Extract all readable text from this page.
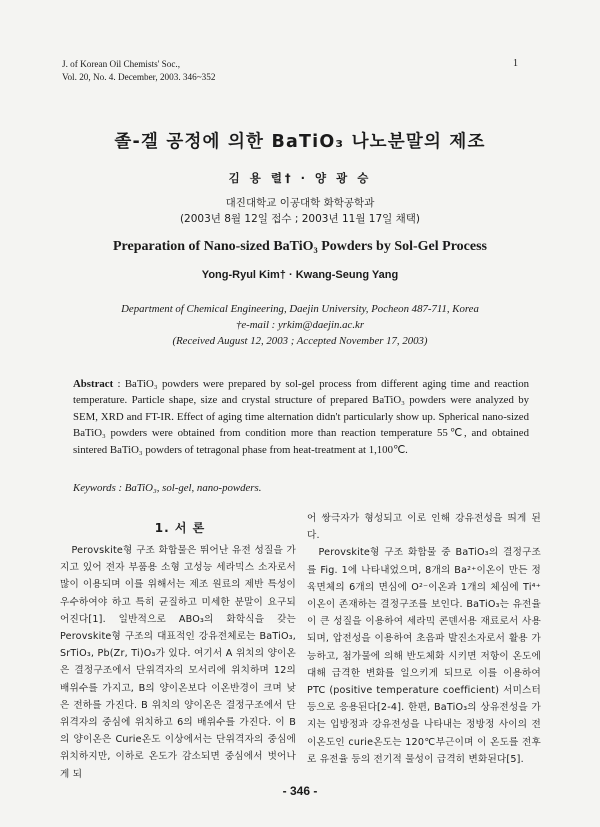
J. of Korean Oil Chemists' Soc.,
Vol. 20, No. 4. December, 2003. 346~352
1
졸-겔 공정에 의한 BaTiO₃ 나노분말의 제조
김 용 렬† · 양 광 승
대진대학교 이공대학 화학공학과
(2003년 8월 12일 접수 ; 2003년 11월 17일 채택)
Preparation of Nano-sized BaTiO₃ Powders by Sol-Gel Process
Yong-Ryul Kim† · Kwang-Seung Yang
Department of Chemical Engineering, Daejin University, Pocheon 487-711, Korea
†e-mail : yrkim@daejin.ac.kr
(Received August 12, 2003 ; Accepted November 17, 2003)
Abstract : BaTiO₃ powders were prepared by sol-gel process from different aging time and reaction temperature. Particle shape, size and crystal structure of prepared BaTiO₃ powders were analyzed by SEM, XRD and FT-IR. Effect of aging time alternation didn't particularly show up. Spherical nano-sized BaTiO₃ powders were obtained from condition more than reaction temperature 55℃, and obtained sintered BaTiO₃ powders of tetragonal phase from heat-treatment at 1,100℃.
Keywords : BaTiO₃, sol-gel, nano-powders.
1. 서 론

Perovskite형 구조 화합물은 뛰어난 유전 성질을 가지고 있어 전자 부품용 소형 고성능 세라믹스 소자로서 많이 이용되며 이를 위해서는 제조 원료의 제반 특성이 우수하여야 하고 특히 균질하고 미세한 분말이 요구되어진다[1]. 일반적으로 ABO₃의 화학식을 갖는 Perovskite형 구조의 대표적인 강유전체로는 BaTiO₃, SrTiO₃, Pb(Zr, Ti)O₃가 있다. 여기서 A 위치의 양이온은 결정구조에서 단위격자의 모서리에 위치하며 12의 배위수를 가지고, B의 양이온보다 이온반경이 크며 낮은 전하를 가진다. B 위치의 양이온은 결정구조에서 단위격자의 중심에 위치하고 6의 배위수를 가진다. 이 B의 양이온은 Curie온도 이상에서는 단위격자의 중심에 위치하지만, 이하로 온도가 감소되면 중심에서 벗어나게 되

어 쌍극자가 형성되고 이로 인해 강유전성을 띄게 된다.

Perovskite형 구조 화합물 중 BaTiO₃의 결정구조를 Fig. 1에 나타내었으며, 8개의 Ba²⁺이온이 만든 정육면체의 6개의 면심에 O²⁻이온과 1개의 체심에 Ti⁴⁺이온이 존재하는 결정구조를 보인다. BaTiO₃는 유전율이 큰 성질을 이용하여 세라믹 콘덴서용 재료로서 사용되며, 압전성을 이용하여 초음파 발진소자로서 활용 가능하고, 첨가물에 의해 반도체화 시키면 저항이 온도에 대해 급격한 변화를 일으키게 되므로 이를 이용하여 PTC (positive temperature coefficient) 서미스터 등으로 응용된다[2-4]. 한편, BaTiO₃의 상유전성을 가지는 입방정과 강유전성을 나타내는 정방정 사이의 전이온도인 curie온도는 120℃부근이며 이 온도를 전후로 유전율 등의 전기적 물성이 급격히 변화된다[5].

- 346 -
